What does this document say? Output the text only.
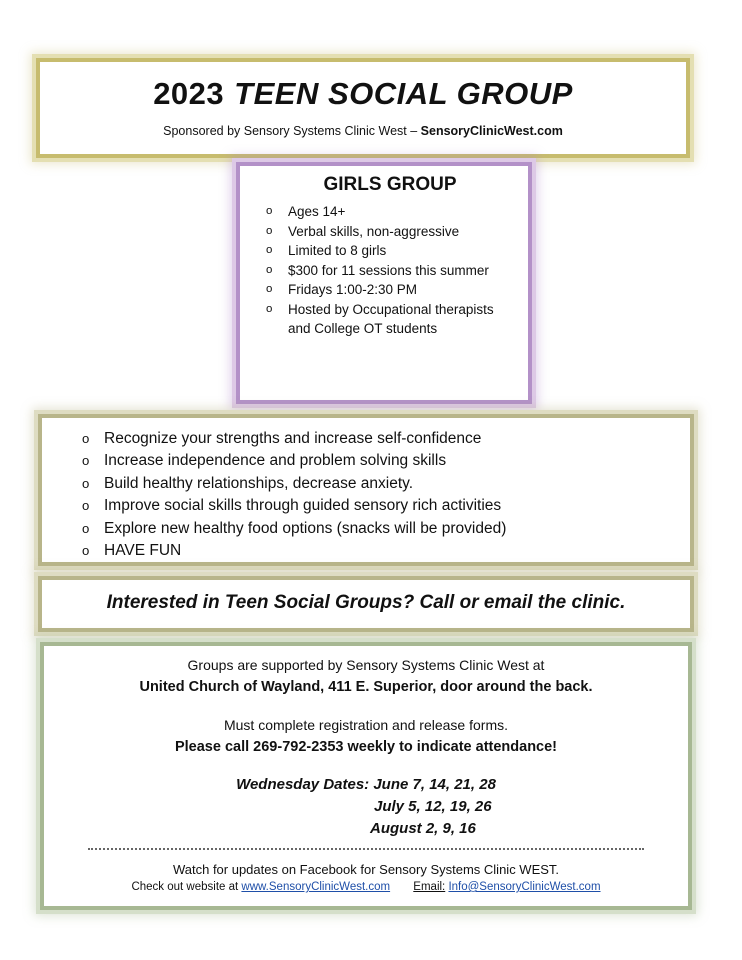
2023 TEEN SOCIAL GROUP
Sponsored by Sensory Systems Clinic West – SensoryClinicWest.com
GIRLS GROUP
o Ages 14+
o Verbal skills, non-aggressive
o Limited to 8 girls
o $300 for 11 sessions this summer
o Fridays 1:00-2:30 PM
o Hosted by Occupational therapists and College OT students
o Recognize your strengths and increase self-confidence
o Increase independence and problem solving skills
o Build healthy relationships, decrease anxiety.
o Improve social skills through guided sensory rich activities
o Explore new healthy food options (snacks will be provided)
o HAVE FUN
Interested in Teen Social Groups? Call or email the clinic.
Groups are supported by Sensory Systems Clinic West at
United Church of Wayland, 411 E. Superior, door around the back.
Must complete registration and release forms.
Please call 269-792-2353 weekly to indicate attendance!
Wednesday Dates: June 7, 14, 21, 28
July 5, 12, 19, 26
August 2, 9, 16
Watch for updates on Facebook for Sensory Systems Clinic WEST.
Check out website at www.SensoryClinicWest.com Email: Info@SensoryClinicWest.com
